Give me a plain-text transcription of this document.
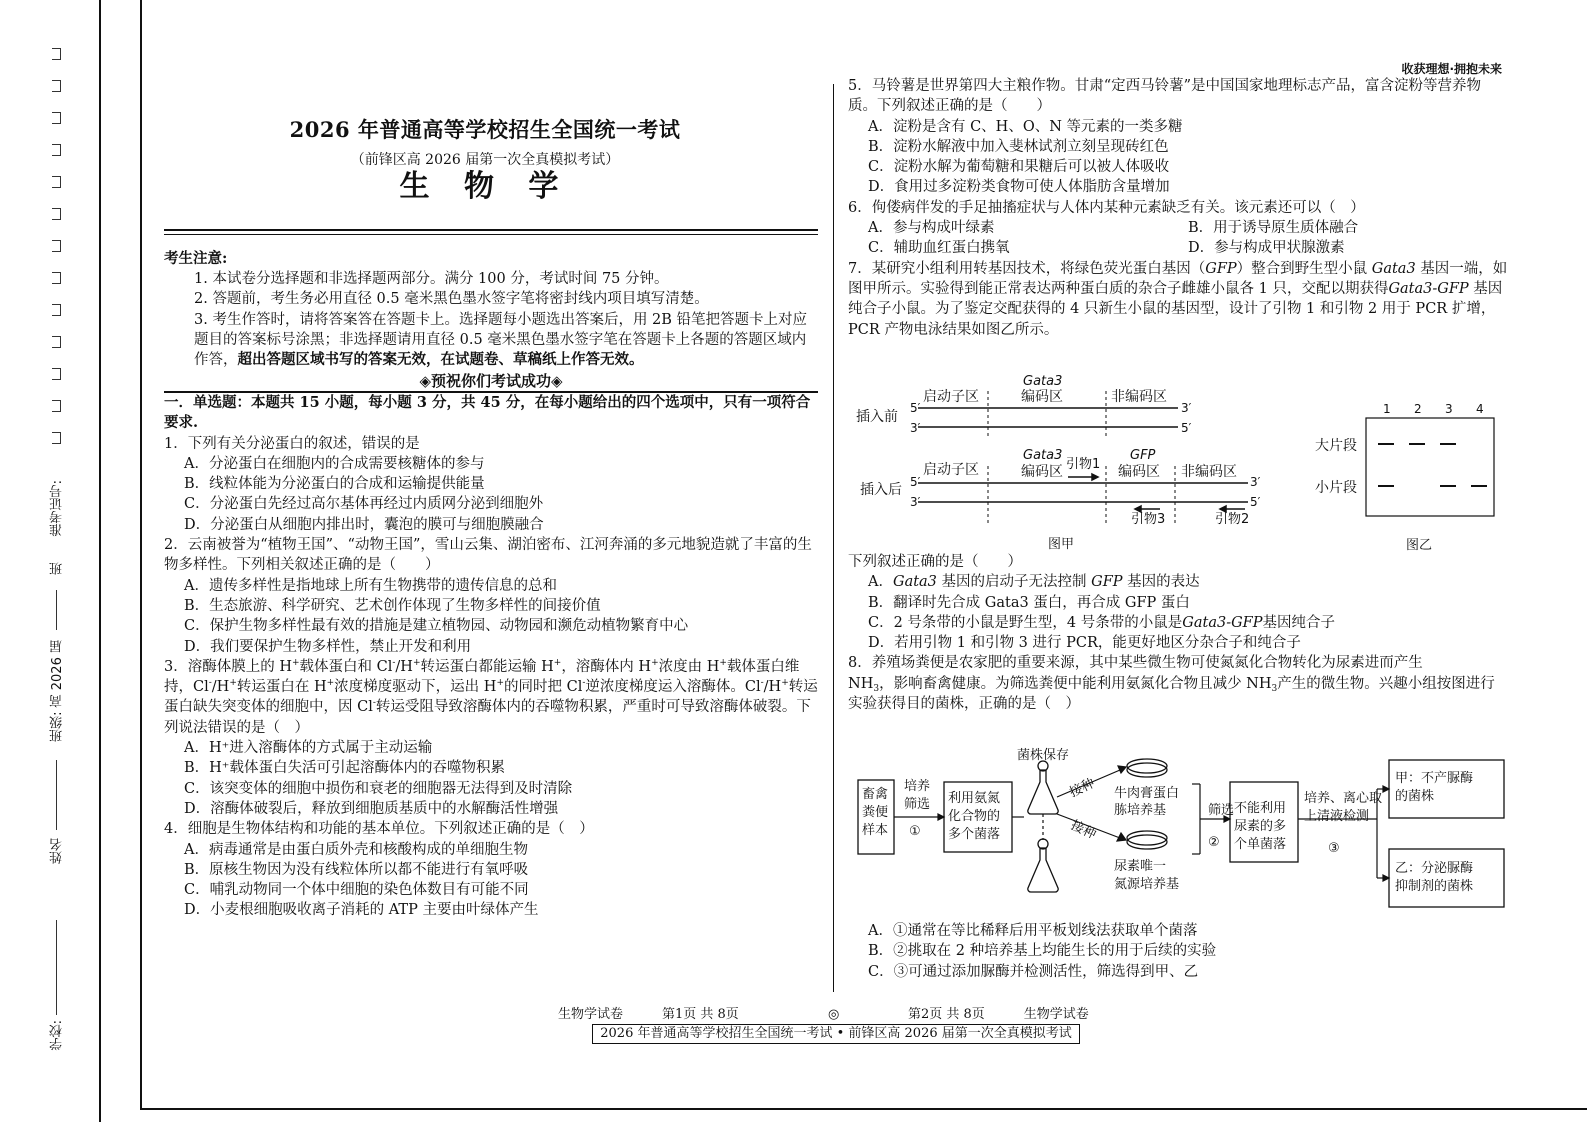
学校:
姓名
班级: 高 2026 届
班
准考证号:
收获理想·拥抱未来
2026 年普通高等学校招生全国统一考试
（前锋区高 2026 届第一次全真模拟考试）
生 物 学
考生注意:
1. 本试卷分选择题和非选择题两部分。满分 100 分，考试时间 75 分钟。
2. 答题前，考生务必用直径 0.5 毫米黑色墨水签字笔将密封线内项目填写清楚。
3. 考生作答时，请将答案答在答题卡上。选择题每小题选出答案后，用 2B 铅笔把答题卡上对应题目的答案标号涂黑；非选择题请用直径 0.5 毫米黑色墨水签字笔在答题卡上各题的答题区域内作答，超出答题区域书写的答案无效，在试题卷、草稿纸上作答无效。
◈预祝你们考试成功◈
一．单选题：本题共 15 小题，每小题 3 分，共 45 分，在每小题给出的四个选项中，只有一项符合要求.
1．下列有关分泌蛋白的叙述，错误的是
A．分泌蛋白在细胞内的合成需要核糖体的参与
B．线粒体能为分泌蛋白的合成和运输提供能量
C．分泌蛋白先经过高尔基体再经过内质网分泌到细胞外
D．分泌蛋白从细胞内排出时，囊泡的膜可与细胞膜融合
2．云南被誉为“植物王国”、“动物王国”，雪山云集、湖泊密布、江河奔涌的多元地貌造就了丰富的生物多样性。下列相关叙述正确的是（　　）
A．遗传多样性是指地球上所有生物携带的遗传信息的总和
B．生态旅游、科学研究、艺术创作体现了生物多样性的间接价值
C．保护生物多样性最有效的措施是建立植物园、动物园和濒危动植物繁育中心
D．我们要保护生物多样性，禁止开发和利用
3．溶酶体膜上的 H+载体蛋白和 Cl-/H+转运蛋白都能运输 H+，溶酶体内 H+浓度由 H+载体蛋白维持，Cl-/H+转运蛋白在 H+浓度梯度驱动下，运出 H+的同时把 Cl-逆浓度梯度运入溶酶体。Cl-/H+转运蛋白缺失突变体的细胞中，因 Cl-转运受阻导致溶酶体内的吞噬物积累，严重时可导致溶酶体破裂。下列说法错误的是（　）
A．H⁺进入溶酶体的方式属于主动运输
B．H⁺载体蛋白失活可引起溶酶体内的吞噬物积累
C．该突变体的细胞中损伤和衰老的细胞器无法得到及时清除
D．溶酶体破裂后，释放到细胞质基质中的水解酶活性增强
4．细胞是生物体结构和功能的基本单位。下列叙述正确的是（　）
A．病毒通常是由蛋白质外壳和核酸构成的单细胞生物
B．原核生物因为没有线粒体所以都不能进行有氧呼吸
C．哺乳动物同一个体中细胞的染色体数目有可能不同
D．小麦根细胞吸收离子消耗的 ATP 主要由叶绿体产生
5．马铃薯是世界第四大主粮作物。甘肃“定西马铃薯”是中国国家地理标志产品，富含淀粉等营养物质。下列叙述正确的是（　　）
A．淀粉是含有 C、H、O、N 等元素的一类多糖
B．淀粉水解液中加入斐林试剂立刻呈现砖红色
C．淀粉水解为葡萄糖和果糖后可以被人体吸收
D．食用过多淀粉类食物可使人体脂肪含量增加
6．佝偻病伴发的手足抽搐症状与人体内某种元素缺乏有关。该元素还可以（　）
A．参与构成叶绿素	B．用于诱导原生质体融合
C．辅助血红蛋白携氧	D．参与构成甲状腺激素
7．某研究小组利用转基因技术，将绿色荧光蛋白基因（GFP）整合到野生型小鼠 Gata3 基因一端，如图甲所示。实验得到能正常表达两种蛋白质的杂合子雌雄小鼠各 1 只，交配以期获得Gata3-GFP 基因纯合子小鼠。为了鉴定交配获得的 4 只新生小鼠的基因型，设计了引物 1 和引物 2 用于 PCR 扩增，PCR 产物电泳结果如图乙所示。
插入前
插入后
启动子区
Gata3
编码区	非编码区
5′
3′
3′
5′
启动子区
Gata3
编码区 引物1
GFP
编码区 非编码区
5′
3′
3′
5′
引物3	引物2
图甲
1 2 3 4
大片段
小片段
图乙
下列叙述正确的是（　　）
A．Gata3 基因的启动子无法控制 GFP 基因的表达
B．翻译时先合成 Gata3 蛋白，再合成 GFP 蛋白
C．2 号条带的小鼠是野生型，4 号条带的小鼠是Gata3-GFP基因纯合子
D．若用引物 1 和引物 3 进行 PCR，能更好地区分杂合子和纯合子
8．养殖场粪便是农家肥的重要来源，其中某些微生物可使氮氮化合物转化为尿素进而产生
$NH_3$，影响畜禽健康。为筛选粪便中能利用氨氮化合物且减少 $NH_3$产生的微生物。兴趣小组按图进行实验获得目的菌株，正确的是（　）
畜禽
粪便
样本
培养
筛选
①
利用氨氮
化合物的
多个菌落
菌株保存
接种
接种
牛肉膏蛋白
胨培养基
尿素唯一
氮源培养基
筛选
②
不能利用
尿素的多
个单菌落
培养、离心取
上清液检测
③
甲：不产脲酶
的菌株
乙：分泌脲酶
抑制剂的菌株
A．①通常在等比稀释后用平板划线法获取单个菌落
B．②挑取在 2 种培养基上均能生长的用于后续的实验
C．③可通过添加脲酶并检测活性，筛选得到甲、乙
生物学试卷　　　第1页 共 8页	◎	第2页 共 8页　　　生物学试卷
2026 年普通高等学校招生全国统一考试 • 前锋区高 2026 届第一次全真模拟考试
